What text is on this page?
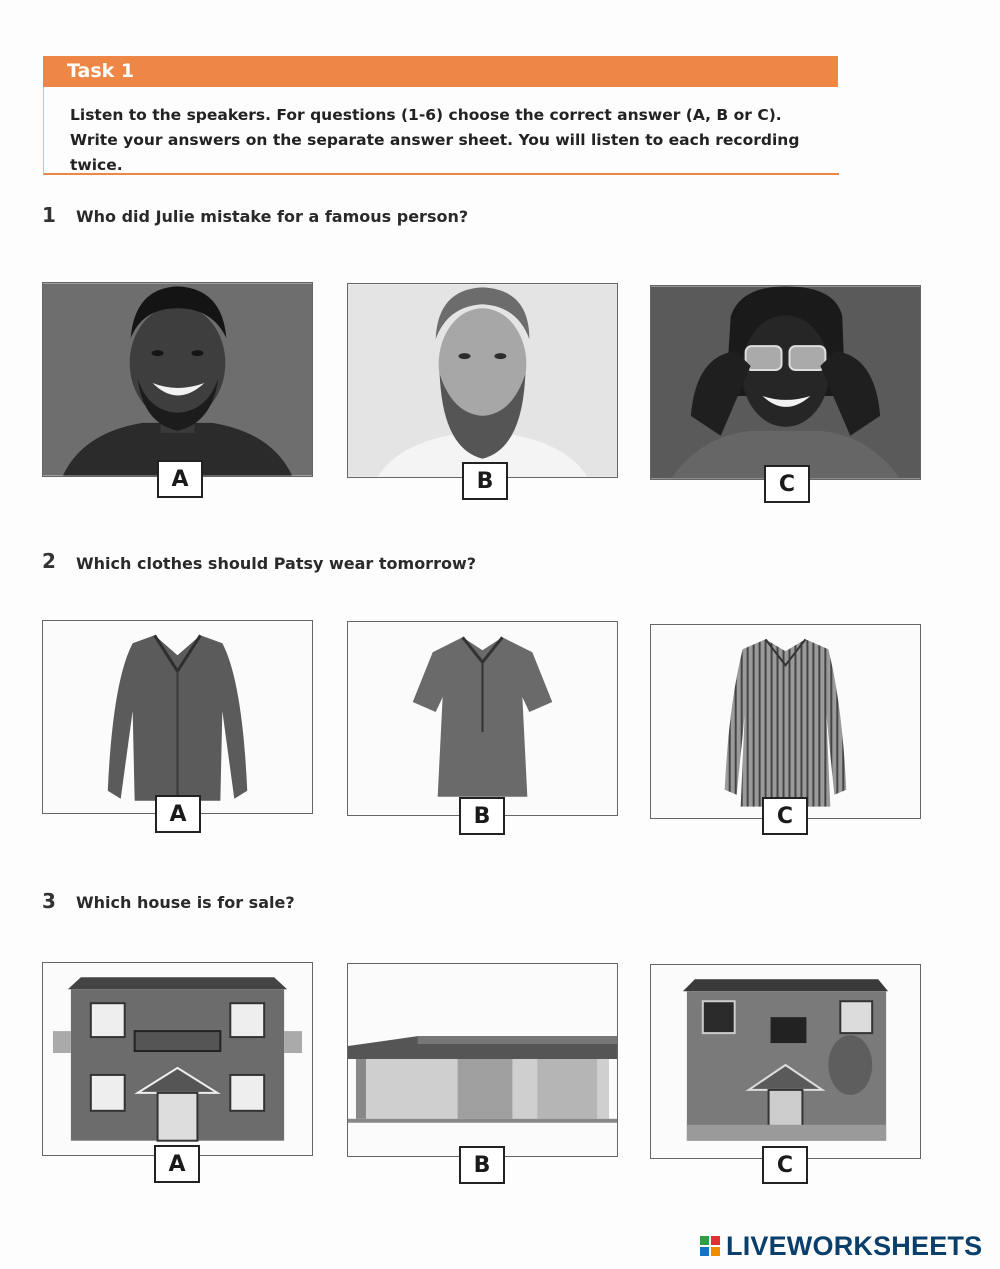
Task 1
Listen to the speakers. For questions (1-6) choose the correct answer (A, B or C). Write your answers on the separate answer sheet. You will listen to each recording twice.
1 Who did Julie mistake for a famous person?
A	B	C
2 Which clothes should Patsy wear tomorrow?
A	B	C
3 Which house is for sale?
A	B	C
LIVEWORKSHEETS
